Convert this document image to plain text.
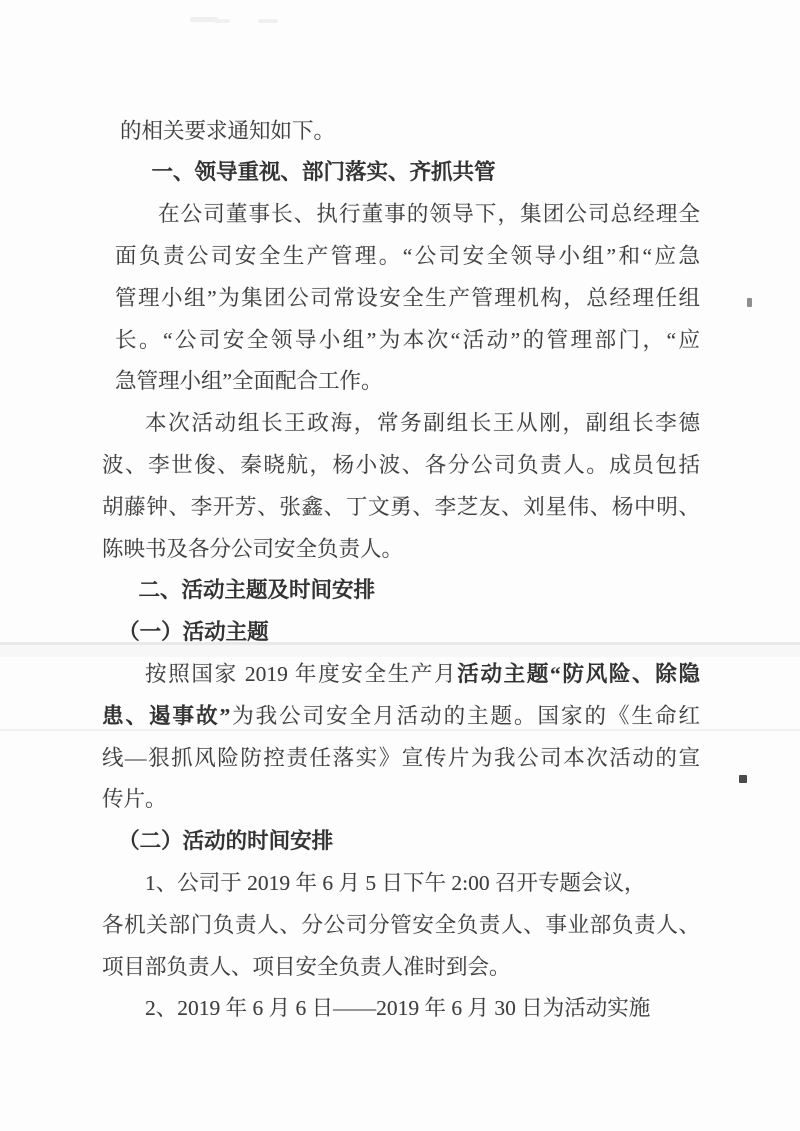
的相关要求通知如下。
一、领导重视、部门落实、齐抓共管
在公司董事长、执行董事的领导下，集团公司总经理全
面负责公司安全生产管理。“公司安全领导小组”和“应急
管理小组”为集团公司常设安全生产管理机构，总经理任组
长。“公司安全领导小组”为本次“活动”的管理部门，“应
急管理小组”全面配合工作。
本次活动组长王政海，常务副组长王从刚，副组长李德
波、李世俊、秦晓航，杨小波、各分公司负责人。成员包括
胡藤钟、李开芳、张鑫、丁文勇、李芝友、刘星伟、杨中明、
陈映书及各分公司安全负责人。
二、活动主题及时间安排
（一）活动主题
按照国家 2019 年度安全生产月活动主题“防风险、除隐
患、遏事故”为我公司安全月活动的主题。国家的《生命红
线—狠抓风险防控责任落实》宣传片为我公司本次活动的宣
传片。
（二）活动的时间安排
1、公司于 2019 年 6 月 5 日下午 2:00 召开专题会议，
各机关部门负责人、分公司分管安全负责人、事业部负责人、
项目部负责人、项目安全负责人准时到会。
2、2019 年 6 月 6 日——2019 年 6 月 30 日为活动实施
